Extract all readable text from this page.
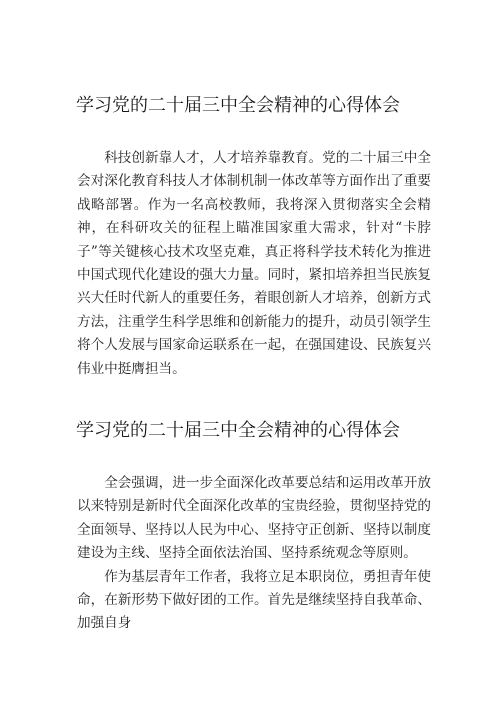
学习党的二十届三中全会精神的心得体会

科技创新靠人才，人才培养靠教育。党的二十届三中全会对深化教育科技人才体制机制一体改革等方面作出了重要战略部署。作为一名高校教师，我将深入贯彻落实全会精神，在科研攻关的征程上瞄准国家重大需求，针对“卡脖子”等关键核心技术攻坚克难，真正将科学技术转化为推进中国式现代化建设的强大力量。同时，紧扣培养担当民族复兴大任时代新人的重要任务，着眼创新人才培养，创新方式方法，注重学生科学思维和创新能力的提升，动员引领学生将个人发展与国家命运联系在一起，在强国建设、民族复兴伟业中挺膺担当。

学习党的二十届三中全会精神的心得体会

全会强调，进一步全面深化改革要总结和运用改革开放以来特别是新时代全面深化改革的宝贵经验，贯彻坚持党的全面领导、坚持以人民为中心、坚持守正创新、坚持以制度建设为主线、坚持全面依法治国、坚持系统观念等原则。

作为基层青年工作者，我将立足本职岗位，勇担青年使命，在新形势下做好团的工作。首先是继续坚持自我革命、加强自身
